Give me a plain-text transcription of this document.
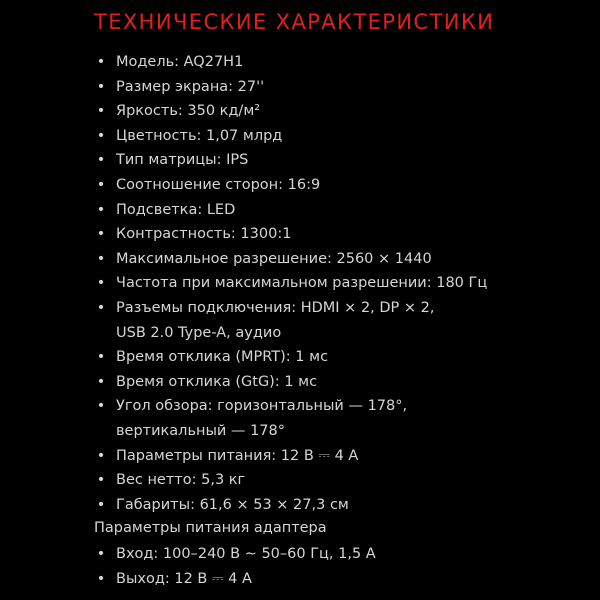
ТЕХНИЧЕСКИЕ ХАРАКТЕРИСТИКИ
• Модель: AQ27H1
• Размер экрана: 27''
• Яркость: 350 кд/м²
• Цветность: 1,07 млрд
• Тип матрицы: IPS
• Соотношение сторон: 16:9
• Подсветка: LED
• Контрастность: 1300:1
• Максимальное разрешение: 2560 × 1440
• Частота при максимальном разрешении: 180 Гц
• Разъемы подключения: HDMI × 2, DP × 2,
USB 2.0 Type-A, аудио
• Время отклика (MPRT): 1 мс
• Время отклика (GtG): 1 мс
• Угол обзора: горизонтальный — 178°,
вертикальный — 178°
• Параметры питания: 12 В ⎓ 4 А
• Вес нетто: 5,3 кг
• Габариты: 61,6 × 53 × 27,3 см
Параметры питания адаптера
• Вход: 100–240 В ∼ 50–60 Гц, 1,5 А
• Выход: 12 В ⎓ 4 А
